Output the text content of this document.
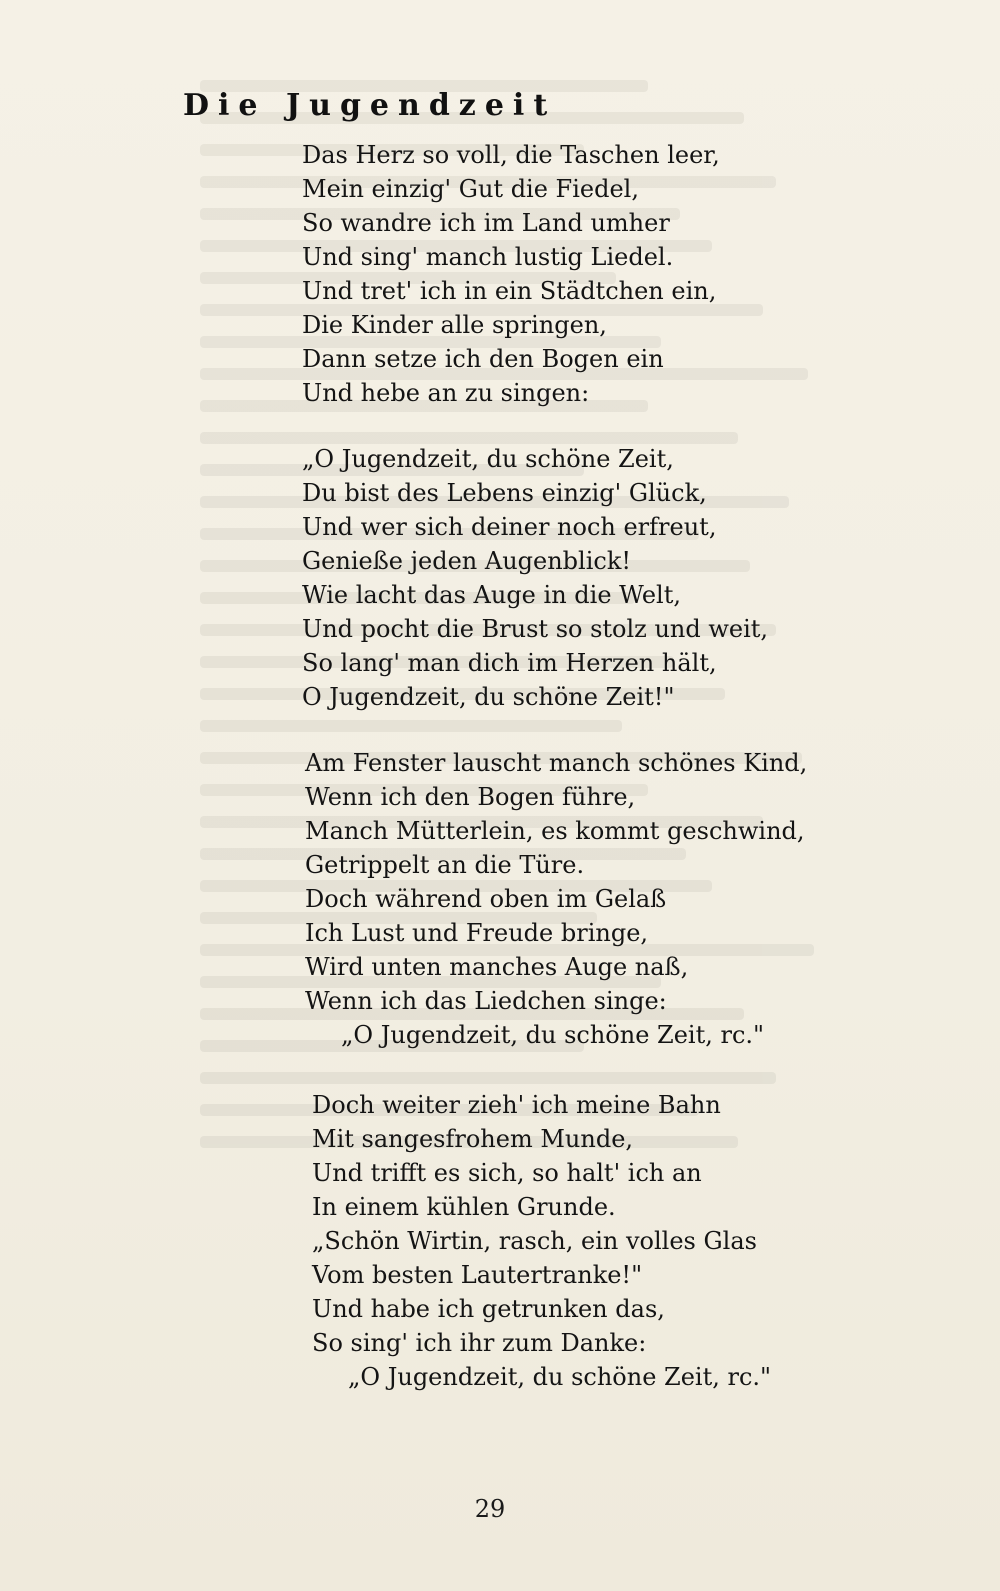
Die Jugendzeit
Das Herz so voll, die Taschen leer,
Mein einzig' Gut die Fiedel,
So wandre ich im Land umher
Und sing' manch lustig Liedel.
Und tret' ich in ein Städtchen ein,
Die Kinder alle springen,
Dann setze ich den Bogen ein
Und hebe an zu singen:
„O Jugendzeit, du schöne Zeit,
Du bist des Lebens einzig' Glück,
Und wer sich deiner noch erfreut,
Genieße jeden Augenblick!
Wie lacht das Auge in die Welt,
Und pocht die Brust so stolz und weit,
So lang' man dich im Herzen hält,
O Jugendzeit, du schöne Zeit!"
Am Fenster lauscht manch schönes Kind,
Wenn ich den Bogen führe,
Manch Mütterlein, es kommt geschwind,
Getrippelt an die Türe.
Doch während oben im Gelaß
Ich Lust und Freude bringe,
Wird unten manches Auge naß,
Wenn ich das Liedchen singe:
„O Jugendzeit, du schöne Zeit, rc."
Doch weiter zieh' ich meine Bahn
Mit sangesfrohem Munde,
Und trifft es sich, so halt' ich an
In einem kühlen Grunde.
„Schön Wirtin, rasch, ein volles Glas
Vom besten Lautertranke!"
Und habe ich getrunken das,
So sing' ich ihr zum Danke:
„O Jugendzeit, du schöne Zeit, rc."
29
